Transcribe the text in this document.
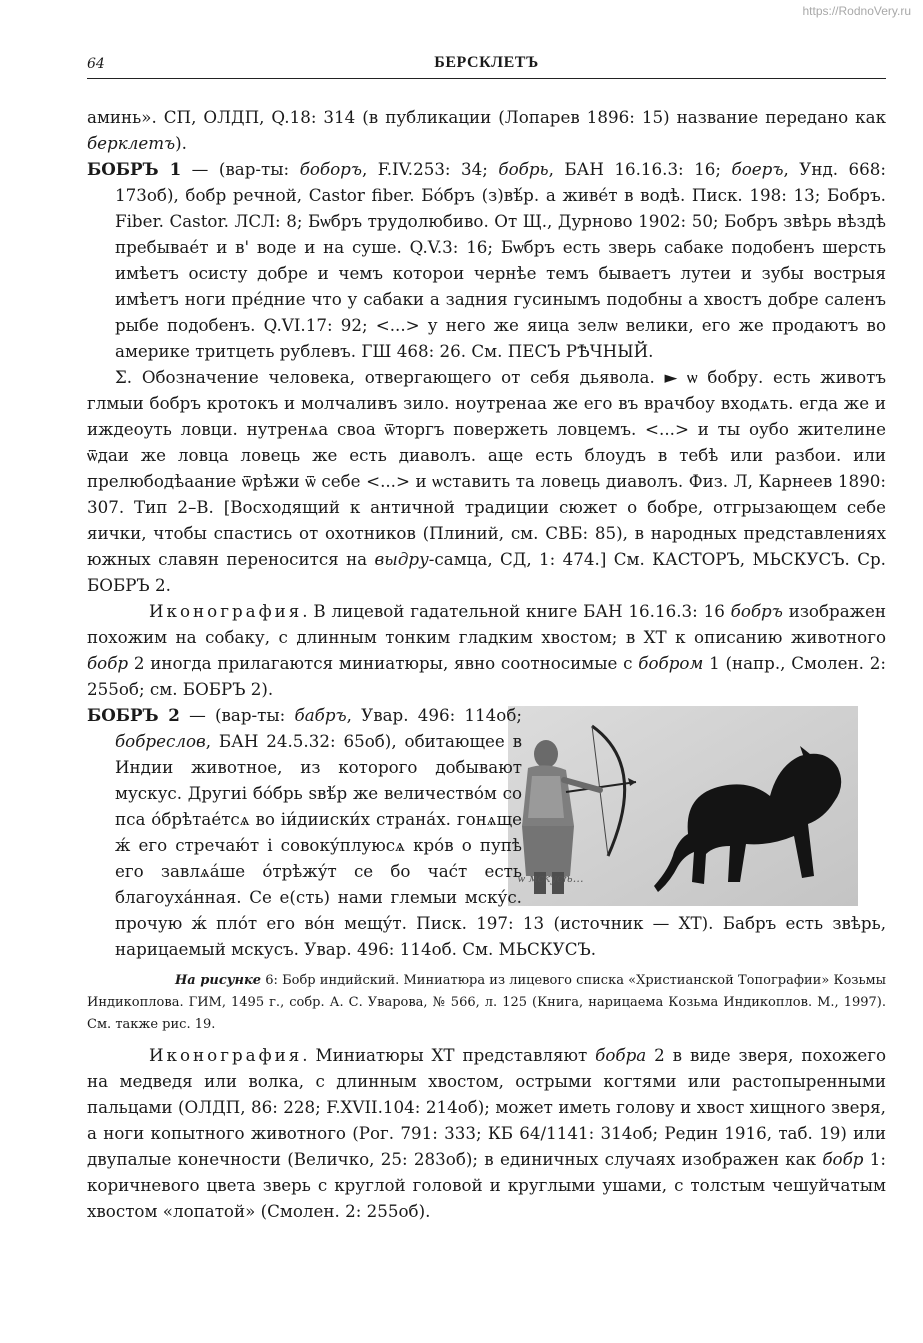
https://RodnoVery.ru
64	БЕРСКЛЕТЪ

аминь». СП, ОЛДП, Q.18: 314 (в публикации (Лопарев 1896: 15) название передано как берклетъ).

БОБРЪ 1 — (вар-ты: боборъ, F.IV.253: 34; бобрь, БАН 16.16.3: 16; боеръ, Унд. 668: 173об), бобр речной, Castor fiber. Бо́бръ (з)вѣ́р. а живе́т в водѣ. Писк. 198: 13; Бобръ. Fiber. Castor. ЛСЛ: 8; Бѡбръ трудолюбиво. От Щ., Дурново 1902: 50; Бобръ звѣрь вѣздѣ пребывае́т и в' воде и на суше. Q.V.3: 16; Бѡбръ есть зверь сабаке подобенъ шерсть имѣетъ осисту добре и чемъ которои чернѣе темъ бываетъ лутеи и зубы вострыя имѣетъ ноги пре́дние что у сабаки а задния гусинымъ подобны а хвостъ добре саленъ рыбе подобенъ. Q.VI.17: 92; <...> у него же яица зелѡ велики, его же продаютъ во америке тритцеть рублевъ. ГШ 468: 26. См. ПЕСЪ РѢЧНЫЙ.

Σ. Обозначение человека, отвергающего от себя дьявола. ► ѡ бобру. есть животъ глмыи бобръ кротокъ и молчаливъ зило. ноутренаа же его въ врачбоу входѧть. егда же и иждеоуть ловци. нутренѧа своа ѿторгъ повержеть ловцемъ. <...> и ты оубо жителине ѿдаи же ловца ловець же есть диаволъ. аще есть блоудъ в тебѣ или разбои. или прелюбодѣаание ѿрѣжи ѿ себе <...> и ѡставить та ловець диаволъ. Физ. Л, Карнеев 1890: 307. Тип 2–В. [Восходящий к античной традиции сюжет о бобре, отгрызающем себе яички, чтобы спастись от охотников (Плиний, см. СВБ: 85), в народных представлениях южных славян переносится на выдру-самца, СД, 1: 474.] См. КАСТОРЪ, МЬСКУСЪ. Ср. БОБРЪ 2.

Иконография. В лицевой гадательной книге БАН 16.16.3: 16 бобръ изображен похожим на собаку, с длинным тонким гладким хвостом; в ХТ к описанию животного бобр 2 иногда прилагаются миниатюры, явно соотносимые с бобром 1 (напр., Смолен. 2: 255об; см. БОБРЪ 2).

ѡ мскусѣ…
БОБРЪ 2 — (вар-ты: бабръ, Увар. 496: 114об; бобреслов, БАН 24.5.32: 65об), обитающее в Индии животное, из которого добывают мускус. Другиі бо́брь ѕвѣ́р же величество́м со пса о́брѣтае́тсѧ во іи́дииски́х страна́х. гонѧще ж́ его стречаю́т і совоку́плуюсѧ кро́в о пупѣ его завлѧа́ше о́трѣжу́т се бо час́т есть благоуха́нная. Се е(сть) нами глемыи мску́с. прочую ж́ пло́т его во́н мещу́т. Писк. 197: 13 (источник — ХТ). Бабръ есть звѣрь, нарицаемый мскусъ. Увар. 496: 114об. См. МЬСКУСЪ.

На рисунке 6: Бобр индийский. Миниатюра из лицевого списка «Христианской Топографии» Козьмы Индикоплова. ГИМ, 1495 г., собр. А. С. Уварова, № 566, л. 125 (Книга, нарицаема Козьма Индикоплов. М., 1997). См. также рис. 19.

Иконография. Миниатюры ХТ представляют бобра 2 в виде зверя, похожего на медведя или волка, с длинным хвостом, острыми когтями или растопыренными пальцами (ОЛДП, 86: 228; F.XVII.104: 214об); может иметь голову и хвост хищного зверя, а ноги копытного животного (Рог. 791: 333; КБ 64/1141: 314об; Редин 1916, таб. 19) или двупалые конечности (Величко, 25: 283об); в единичных случаях изображен как бобр 1: коричневого цвета зверь с круглой головой и круглыми ушами, с толстым чешуйчатым хвостом «лопатой» (Смолен. 2: 255об).
